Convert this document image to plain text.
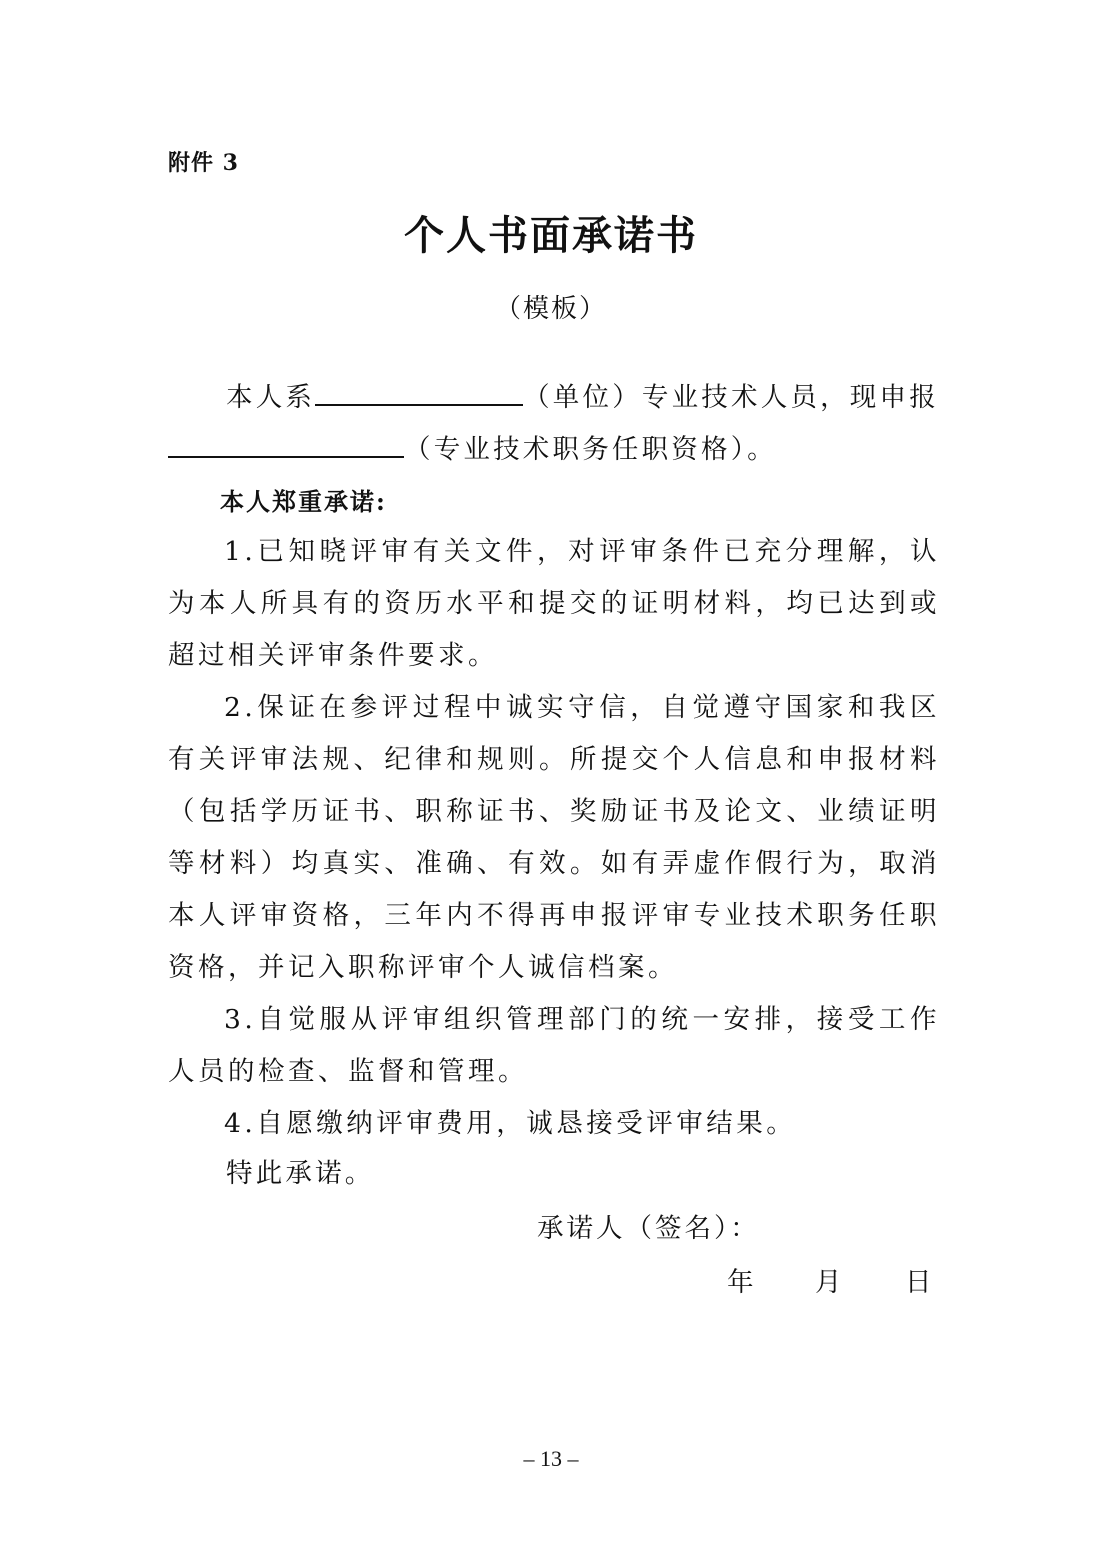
附件 3
个人书面承诺书
（模板）
本人系	（单位）专业技术人员，现申报
（专业技术职务任职资格）。
本人郑重承诺:
1.已知晓评审有关文件，对评审条件已充分理解，认为本人所具有的资历水平和提交的证明材料，均已达到或超过相关评审条件要求。
2.保证在参评过程中诚实守信，自觉遵守国家和我区有关评审法规、纪律和规则。所提交个人信息和申报材料（包括学历证书、职称证书、奖励证书及论文、业绩证明等材料）均真实、准确、有效。如有弄虚作假行为，取消本人评审资格，三年内不得再申报评审专业技术职务任职资格，并记入职称评审个人诚信档案。
3.自觉服从评审组织管理部门的统一安排，接受工作人员的检查、监督和管理。
4.自愿缴纳评审费用，诚恳接受评审结果。
特此承诺。
承诺人（签名）：
年 月 日
– 13 –
